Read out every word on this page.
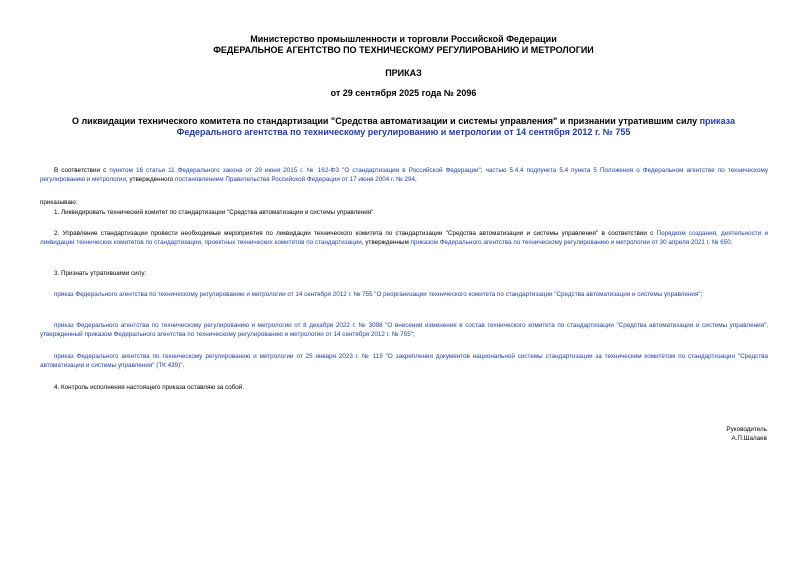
Министерство промышленности и торговли Российской Федерации
ФЕДЕРАЛЬНОЕ АГЕНТСТВО ПО ТЕХНИЧЕСКОМУ РЕГУЛИРОВАНИЮ И МЕТРОЛОГИИ
ПРИКАЗ
от 29 сентября 2025 года № 2096
О ликвидации технического комитета по стандартизации "Средства автоматизации и системы управления" и признании утратившим силу приказа Федерального агентства по техническому регулированию и метрологии от 14 сентября 2012 г. № 755
В соответствии с пунктом 16 статьи 11 Федерального закона от 29 июня 2015 г. № 162-ФЗ "О стандартизации в Российской Федерации"; частью 5.4.4 подпункта 5.4 пункта 5 Положения о Федеральном агентстве по техническому регулированию и метрологии, утвержденного постановлением Правительства Российской Федерации от 17 июня 2004 г. № 294,
приказываю:
1. Ликвидировать технический комитет по стандартизации "Средства автоматизации и системы управления".
2. Управление стандартизации провести необходимые мероприятия по ликвидации технического комитета по стандартизации "Средства автоматизации и системы управления" в соответствии с Порядком создания, деятельности и ликвидации технических комитетов по стандартизации, проектных технических комитетов по стандартизации, утвержденным приказом Федерального агентства по техническому регулированию и метрологии от 30 апреля 2021 г. № 650.
3. Признать утратившими силу:
приказ Федерального агентства по техническому регулированию и метрологии от 14 сентября 2012 г. № 755 "О реорганизации технического комитета по стандартизации "Средства автоматизации и системы управления";
приказ Федерального агентства по техническому регулированию и метрологии от 8 декабря 2022 г. № 3098 "О внесении изменения в состав технического комитета по стандартизации "Средства автоматизации и системы управления", утвержденный приказом Федерального агентства по техническому регулированию и метрологии от 14 сентября 2012 г. № 755";
приказ Федерального агентства по техническому регулированию и метрологии от 25 января 2023 г. № 119 "О закреплении документов национальной системы стандартизации за техническим комитетом по стандартизации "Средства автоматизации и системы управления" (ТК 439)".
4. Контроль исполнения настоящего приказа оставляю за собой.
Руководитель
А.П.Шалаев
